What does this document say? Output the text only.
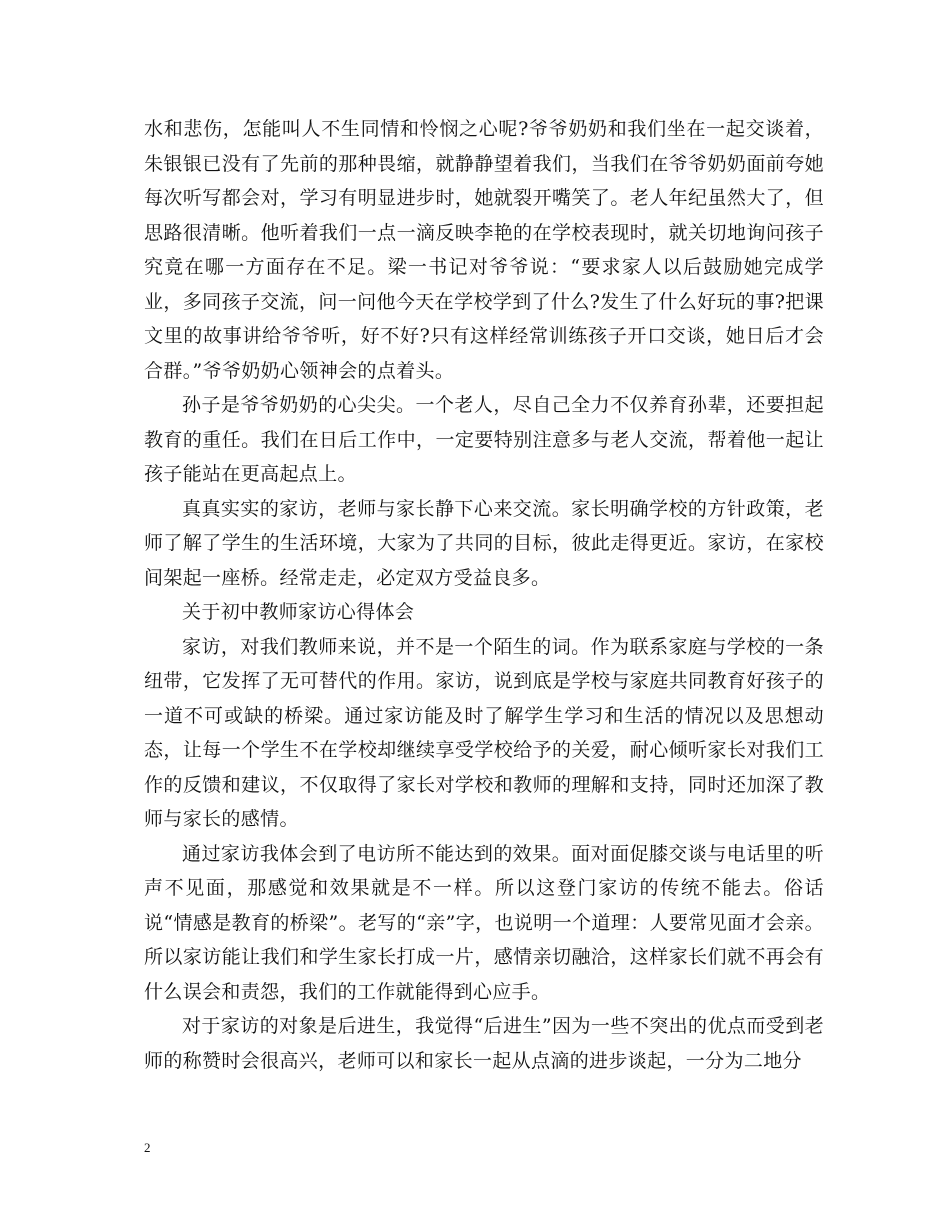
水和悲伤，怎能叫人不生同情和怜悯之心呢?爷爷奶奶和我们坐在一起交谈着，朱银银已没有了先前的那种畏缩，就静静望着我们，当我们在爷爷奶奶面前夸她每次听写都会对，学习有明显进步时，她就裂开嘴笑了。老人年纪虽然大了，但思路很清晰。他听着我们一点一滴反映李艳的在学校表现时，就关切地询问孩子究竟在哪一方面存在不足。梁一书记对爷爷说：“要求家人以后鼓励她完成学业，多同孩子交流，问一问他今天在学校学到了什么?发生了什么好玩的事?把课文里的故事讲给爷爷听，好不好?只有这样经常训练孩子开口交谈，她日后才会合群。”爷爷奶奶心领神会的点着头。

孙子是爷爷奶奶的心尖尖。一个老人，尽自己全力不仅养育孙辈，还要担起教育的重任。我们在日后工作中，一定要特别注意多与老人交流，帮着他一起让孩子能站在更高起点上。

真真实实的家访，老师与家长静下心来交流。家长明确学校的方针政策，老师了解了学生的生活环境，大家为了共同的目标，彼此走得更近。家访，在家校间架起一座桥。经常走走，必定双方受益良多。

关于初中教师家访心得体会

家访，对我们教师来说，并不是一个陌生的词。作为联系家庭与学校的一条纽带，它发挥了无可替代的作用。家访，说到底是学校与家庭共同教育好孩子的一道不可或缺的桥梁。通过家访能及时了解学生学习和生活的情况以及思想动态，让每一个学生不在学校却继续享受学校给予的关爱，耐心倾听家长对我们工作的反馈和建议，不仅取得了家长对学校和教师的理解和支持，同时还加深了教师与家长的感情。

通过家访我体会到了电访所不能达到的效果。面对面促膝交谈与电话里的听声不见面，那感觉和效果就是不一样。所以这登门家访的传统不能去。俗话说“情感是教育的桥梁”。老写的“亲”字，也说明一个道理：人要常见面才会亲。所以家访能让我们和学生家长打成一片，感情亲切融洽，这样家长们就不再会有什么误会和责怨，我们的工作就能得到心应手。

对于家访的对象是后进生，我觉得“后进生”因为一些不突出的优点而受到老师的称赞时会很高兴，老师可以和家长一起从点滴的进步谈起，一分为二地分

2
